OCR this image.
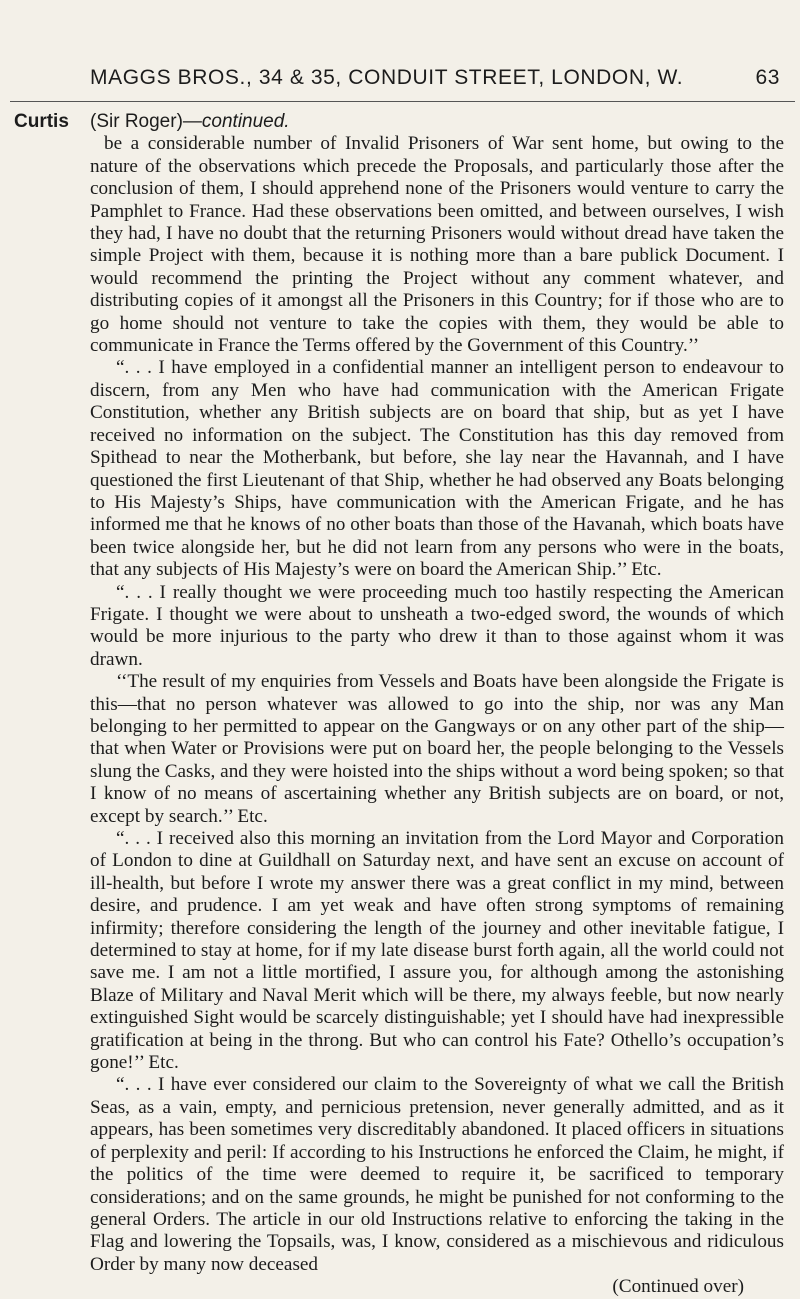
MAGGS BROS., 34 & 35, CONDUIT STREET, LONDON, W.	63
Curtis (Sir Roger)—continued.

be a considerable number of Invalid Prisoners of War sent home, but owing to the nature of the observations which precede the Proposals, and particularly those after the conclusion of them, I should apprehend none of the Prisoners would venture to carry the Pamphlet to France. Had these observations been omitted, and between ourselves, I wish they had, I have no doubt that the returning Prisoners would without dread have taken the simple Project with them, because it is nothing more than a bare publick Document. I would recommend the printing the Project without any comment whatever, and distributing copies of it amongst all the Prisoners in this Country; for if those who are to go home should not venture to take the copies with them, they would be able to communicate in France the Terms offered by the Government of this Country.’’

“. . . I have employed in a confidential manner an intelligent person to endeavour to discern, from any Men who have had communication with the American Frigate Constitution, whether any British subjects are on board that ship, but as yet I have received no information on the subject. The Constitution has this day removed from Spithead to near the Motherbank, but before, she lay near the Havannah, and I have questioned the first Lieutenant of that Ship, whether he had observed any Boats belonging to His Majesty’s Ships, have communication with the American Frigate, and he has informed me that he knows of no other boats than those of the Havanah, which boats have been twice alongside her, but he did not learn from any persons who were in the boats, that any subjects of His Majesty’s were on board the American Ship.’’ Etc.

“. . . I really thought we were proceeding much too hastily respecting the American Frigate. I thought we were about to unsheath a two-edged sword, the wounds of which would be more injurious to the party who drew it than to those against whom it was drawn.

‘‘The result of my enquiries from Vessels and Boats have been alongside the Frigate is this—that no person whatever was allowed to go into the ship, nor was any Man belonging to her permitted to appear on the Gangways or on any other part of the ship—that when Water or Provisions were put on board her, the people belonging to the Vessels slung the Casks, and they were hoisted into the ships without a word being spoken; so that I know of no means of ascertaining whether any British subjects are on board, or not, except by search.’’ Etc.

“. . . I received also this morning an invitation from the Lord Mayor and Corporation of London to dine at Guildhall on Saturday next, and have sent an excuse on account of ill-health, but before I wrote my answer there was a great conflict in my mind, between desire, and prudence. I am yet weak and have often strong symptoms of remaining infirmity; therefore considering the length of the journey and other inevitable fatigue, I determined to stay at home, for if my late disease burst forth again, all the world could not save me. I am not a little mortified, I assure you, for although among the astonishing Blaze of Military and Naval Merit which will be there, my always feeble, but now nearly extinguished Sight would be scarcely distinguishable; yet I should have had inexpressible gratification at being in the throng. But who can control his Fate? Othello’s occupation’s gone!’’ Etc.

“. . . I have ever considered our claim to the Sovereignty of what we call the British Seas, as a vain, empty, and pernicious pretension, never generally admitted, and as it appears, has been sometimes very discreditably abandoned. It placed officers in situations of perplexity and peril: If according to his Instructions he enforced the Claim, he might, if the politics of the time were deemed to require it, be sacrificed to temporary considerations; and on the same grounds, he might be punished for not conforming to the general Orders. The article in our old Instructions relative to enforcing the taking in the Flag and lowering the Topsails, was, I know, considered as a mischievous and ridiculous Order by many now deceased

(Continued over)
